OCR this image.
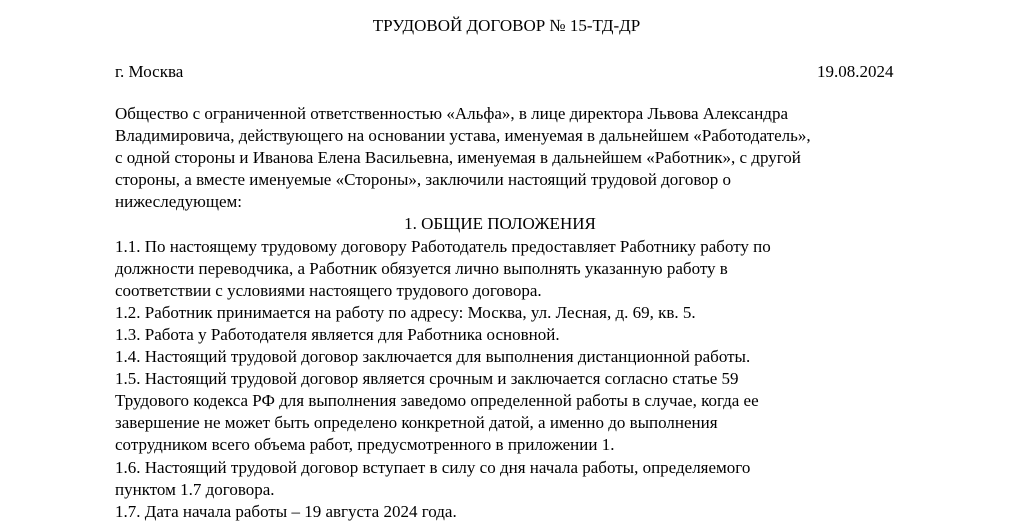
ТРУДОВОЙ ДОГОВОР № 15-ТД-ДР
г. Москва	19.08.2024
Общество с ограниченной ответственностью «Альфа», в лице директора Львова Александра
Владимировича, действующего на основании устава, именуемая в дальнейшем «Работодатель»,
с одной стороны и Иванова Елена Васильевна, именуемая в дальнейшем «Работник», с другой
стороны, а вместе именуемые «Стороны», заключили настоящий трудовой договор о
нижеследующем:
1. ОБЩИЕ ПОЛОЖЕНИЯ
1.1. По настоящему трудовому договору Работодатель предоставляет Работнику работу по
должности переводчика, а Работник обязуется лично выполнять указанную работу в
соответствии с условиями настоящего трудового договора.
1.2. Работник принимается на работу по адресу: Москва, ул. Лесная, д. 69, кв. 5.
1.3. Работа у Работодателя является для Работника основной.
1.4. Настоящий трудовой договор заключается для выполнения дистанционной работы.
1.5. Настоящий трудовой договор является срочным и заключается согласно статье 59
Трудового кодекса РФ для выполнения заведомо определенной работы в случае, когда ее
завершение не может быть определено конкретной датой, а именно до выполнения
сотрудником всего объема работ, предусмотренного в приложении 1.
1.6. Настоящий трудовой договор вступает в силу со дня начала работы, определяемого
пунктом 1.7 договора.
1.7. Дата начала работы – 19 августа 2024 года.
